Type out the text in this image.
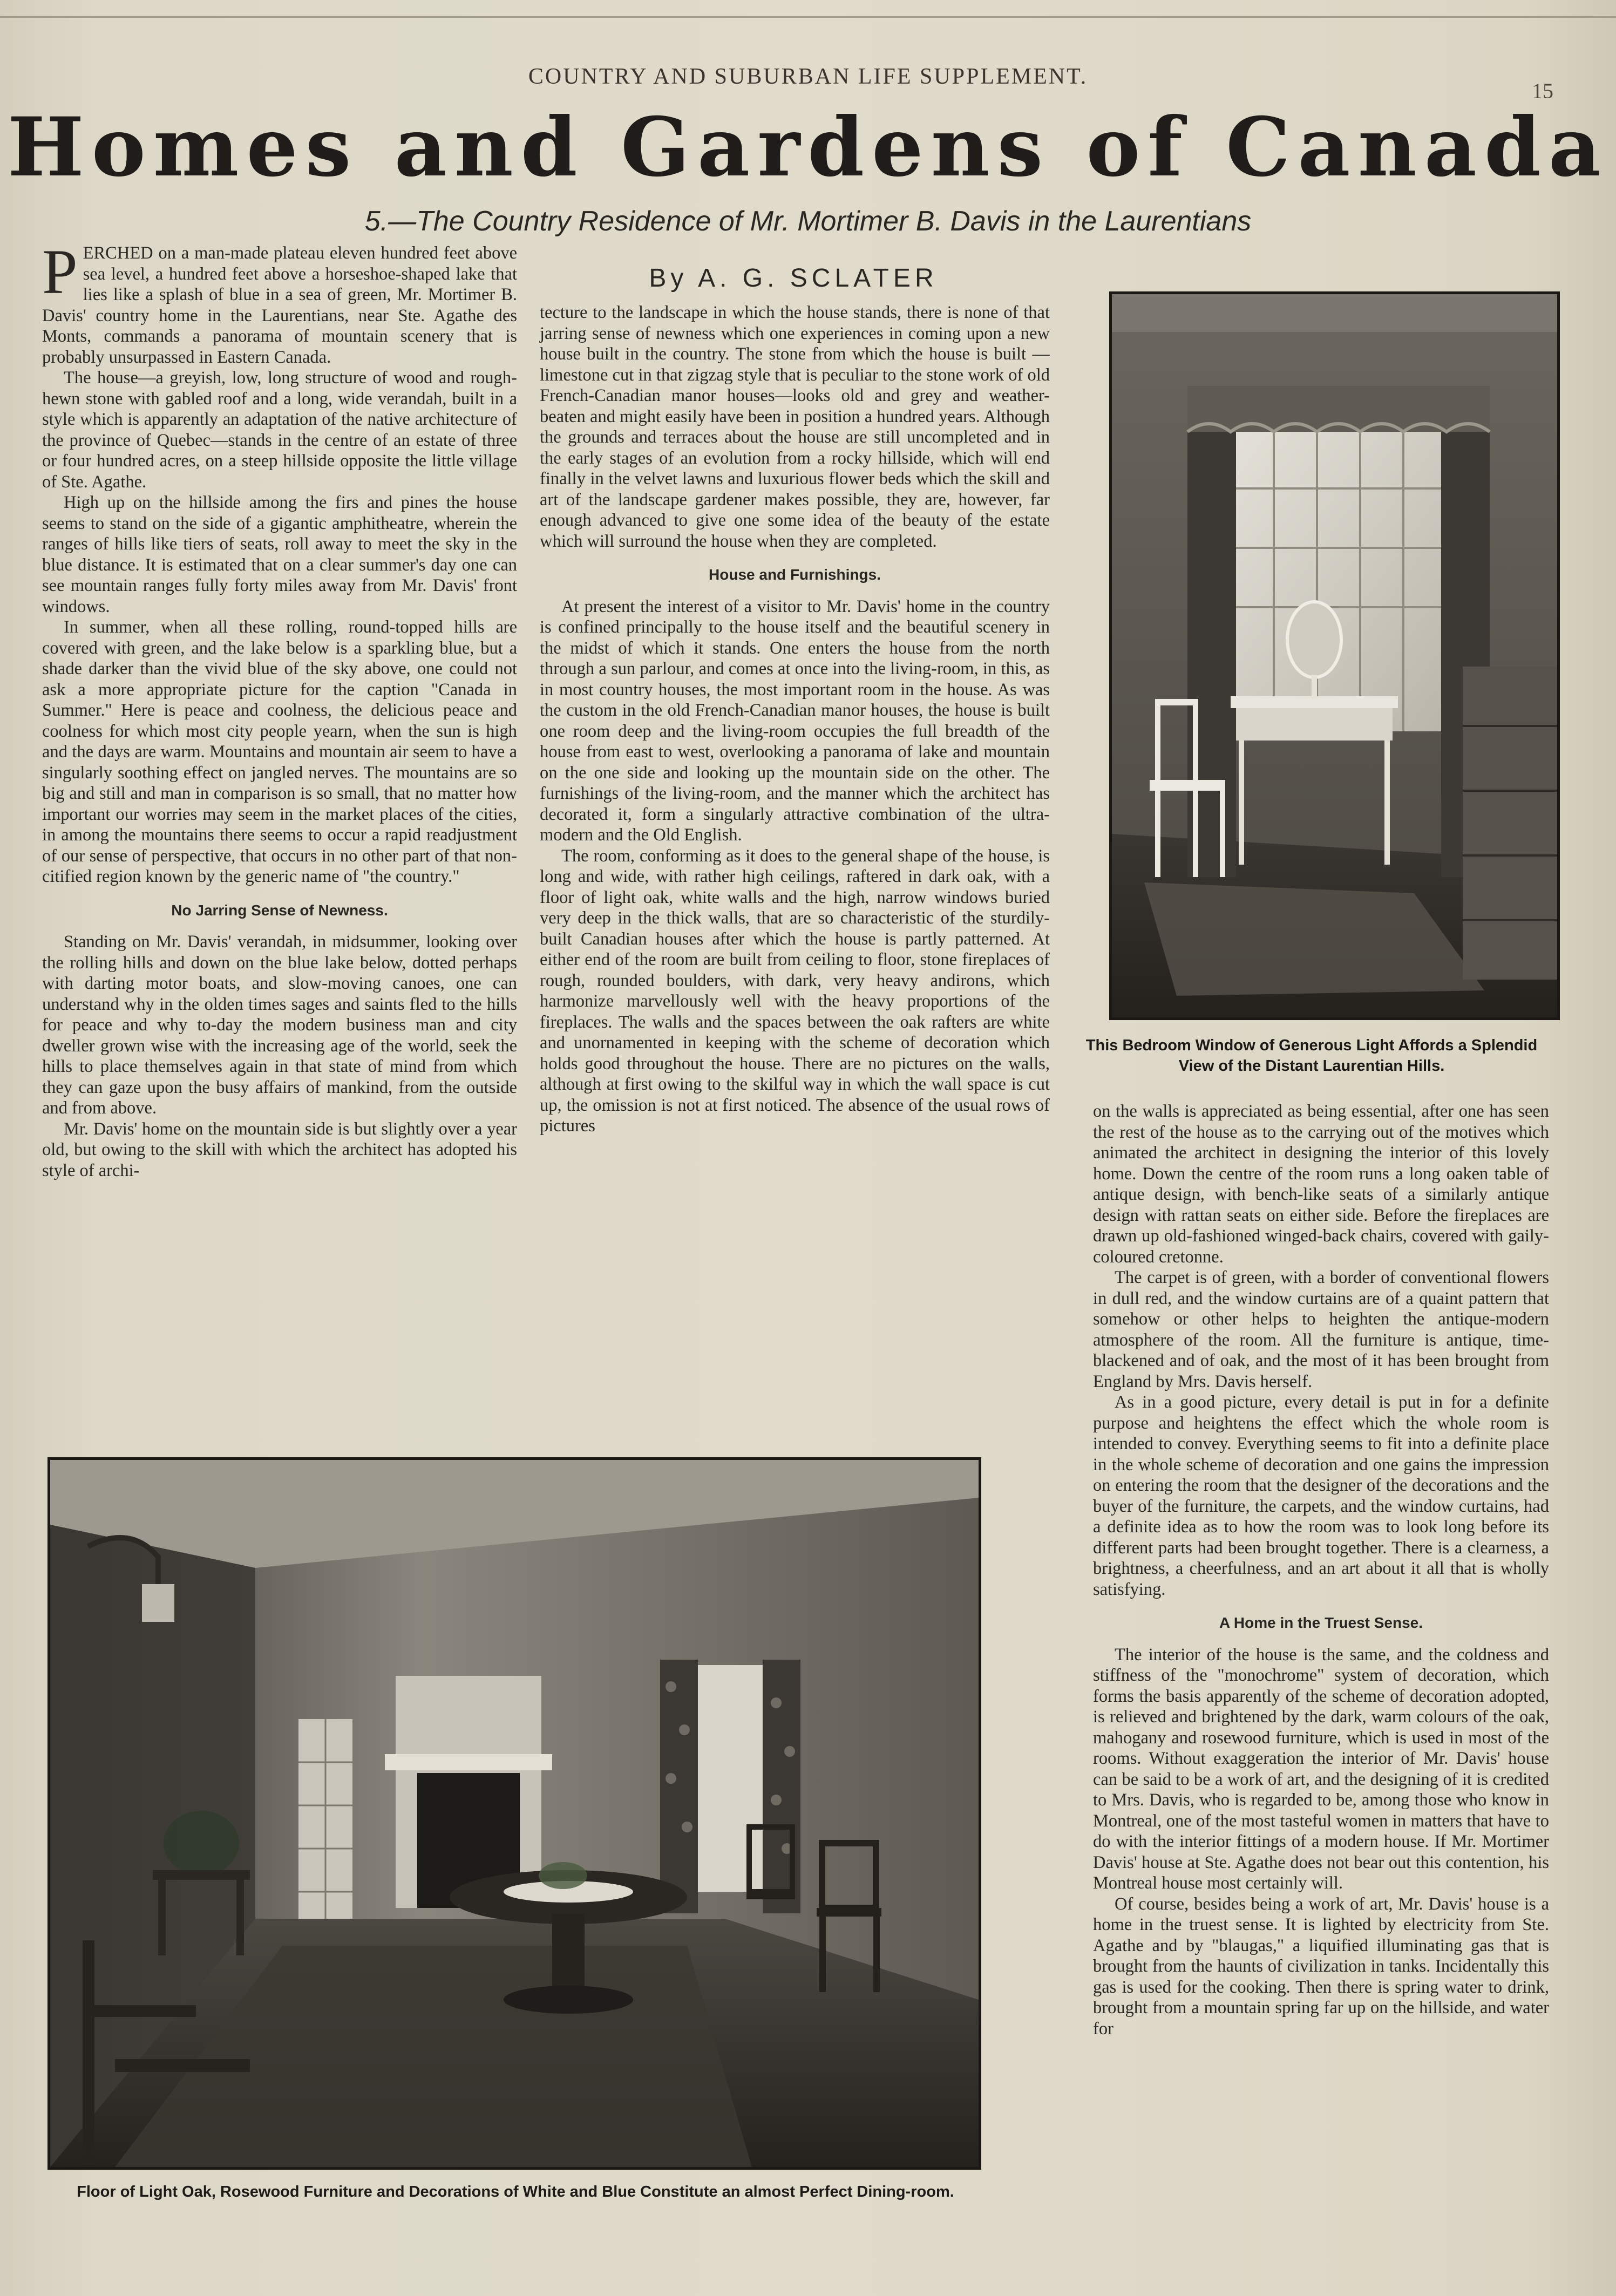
COUNTRY AND SUBURBAN LIFE SUPPLEMENT.
15
Homes and Gardens of Canada
5.—The Country Residence of Mr. Mortimer B. Davis in the Laurentians
By A. G. SCLATER

PERCHED on a man-made plateau eleven hundred feet above sea level, a hundred feet above a horseshoe-shaped lake that lies like a splash of blue in a sea of green, Mr. Mortimer B. Davis' country home in the Laurentians, near Ste. Agathe des Monts, commands a panorama of mountain scenery that is probably unsurpassed in Eastern Canada.

The house—a greyish, low, long structure of wood and rough-hewn stone with gabled roof and a long, wide verandah, built in a style which is apparently an adaptation of the native architecture of the province of Quebec—stands in the centre of an estate of three or four hundred acres, on a steep hillside opposite the little village of Ste. Agathe.

High up on the hillside among the firs and pines the house seems to stand on the side of a gigantic amphitheatre, wherein the ranges of hills like tiers of seats, roll away to meet the sky in the blue distance. It is estimated that on a clear summer's day one can see mountain ranges fully forty miles away from Mr. Davis' front windows.

In summer, when all these rolling, round-topped hills are covered with green, and the lake below is a sparkling blue, but a shade darker than the vivid blue of the sky above, one could not ask a more appropriate picture for the caption "Canada in Summer." Here is peace and coolness, the delicious peace and coolness for which most city people yearn, when the sun is high and the days are warm. Mountains and mountain air seem to have a singularly soothing effect on jangled nerves. The mountains are so big and still and man in comparison is so small, that no matter how important our worries may seem in the market places of the cities, in among the mountains there seems to occur a rapid readjustment of our sense of perspective, that occurs in no other part of that non-citified region known by the generic name of "the country."

No Jarring Sense of Newness.

Standing on Mr. Davis' verandah, in midsummer, looking over the rolling hills and down on the blue lake below, dotted perhaps with darting motor boats, and slow-moving canoes, one can understand why in the olden times sages and saints fled to the hills for peace and why to-day the modern business man and city dweller grown wise with the increasing age of the world, seek the hills to place themselves again in that state of mind from which they can gaze upon the busy affairs of mankind, from the outside and from above.

Mr. Davis' home on the mountain side is but slightly over a year old, but owing to the skill with which the architect has adopted his style of archi-

tecture to the landscape in which the house stands, there is none of that jarring sense of newness which one experiences in coming upon a new house built in the country. The stone from which the house is built —limestone cut in that zigzag style that is peculiar to the stone work of old French-Canadian manor houses—looks old and grey and weather-beaten and might easily have been in position a hundred years. Although the grounds and terraces about the house are still uncompleted and in the early stages of an evolution from a rocky hillside, which will end finally in the velvet lawns and luxurious flower beds which the skill and art of the landscape gardener makes possible, they are, however, far enough advanced to give one some idea of the beauty of the estate which will surround the house when they are completed.

House and Furnishings.

At present the interest of a visitor to Mr. Davis' home in the country is confined principally to the house itself and the beautiful scenery in the midst of which it stands. One enters the house from the north through a sun parlour, and comes at once into the living-room, in this, as in most country houses, the most important room in the house. As was the custom in the old French-Canadian manor houses, the house is built one room deep and the living-room occupies the full breadth of the house from east to west, overlooking a panorama of lake and mountain on the one side and looking up the mountain side on the other. The furnishings of the living-room, and the manner which the architect has decorated it, form a singularly attractive combination of the ultra-modern and the Old English.

The room, conforming as it does to the general shape of the house, is long and wide, with rather high ceilings, raftered in dark oak, with a floor of light oak, white walls and the high, narrow windows buried very deep in the thick walls, that are so characteristic of the sturdily-built Canadian houses after which the house is partly patterned. At either end of the room are built from ceiling to floor, stone fireplaces of rough, rounded boulders, with dark, very heavy andirons, which harmonize marvellously well with the heavy proportions of the fireplaces. The walls and the spaces between the oak rafters are white and unornamented in keeping with the scheme of decoration which holds good throughout the house. There are no pictures on the walls, although at first owing to the skilful way in which the wall space is cut up, the omission is not at first noticed. The absence of the usual rows of pictures

This Bedroom Window of Generous Light Affords a Splendid View of the Distant Laurentian Hills.

on the walls is appreciated as being essential, after one has seen the rest of the house as to the carrying out of the motives which animated the architect in designing the interior of this lovely home. Down the centre of the room runs a long oaken table of antique design, with bench-like seats of a similarly antique design with rattan seats on either side. Before the fireplaces are drawn up old-fashioned winged-back chairs, covered with gaily-coloured cretonne.

The carpet is of green, with a border of conventional flowers in dull red, and the window curtains are of a quaint pattern that somehow or other helps to heighten the antique-modern atmosphere of the room. All the furniture is antique, time-blackened and of oak, and the most of it has been brought from England by Mrs. Davis herself.

As in a good picture, every detail is put in for a definite purpose and heightens the effect which the whole room is intended to convey. Everything seems to fit into a definite place in the whole scheme of decoration and one gains the impression on entering the room that the designer of the decorations and the buyer of the furniture, the carpets, and the window curtains, had a definite idea as to how the room was to look long before its different parts had been brought together. There is a clearness, a brightness, a cheerfulness, and an art about it all that is wholly satisfying.

A Home in the Truest Sense.

The interior of the house is the same, and the coldness and stiffness of the "monochrome" system of decoration, which forms the basis apparently of the scheme of decoration adopted, is relieved and brightened by the dark, warm colours of the oak, mahogany and rosewood furniture, which is used in most of the rooms. Without exaggeration the interior of Mr. Davis' house can be said to be a work of art, and the designing of it is credited to Mrs. Davis, who is regarded to be, among those who know in Montreal, one of the most tasteful women in matters that have to do with the interior fittings of a modern house. If Mr. Mortimer Davis' house at Ste. Agathe does not bear out this contention, his Montreal house most certainly will.

Of course, besides being a work of art, Mr. Davis' house is a home in the truest sense. It is lighted by electricity from Ste. Agathe and by "blaugas," a liquified illuminating gas that is brought from the haunts of civilization in tanks. Incidentally this gas is used for the cooking. Then there is spring water to drink, brought from a mountain spring far up on the hillside, and water for

Floor of Light Oak, Rosewood Furniture and Decorations of White and Blue Constitute an almost Perfect Dining-room.
